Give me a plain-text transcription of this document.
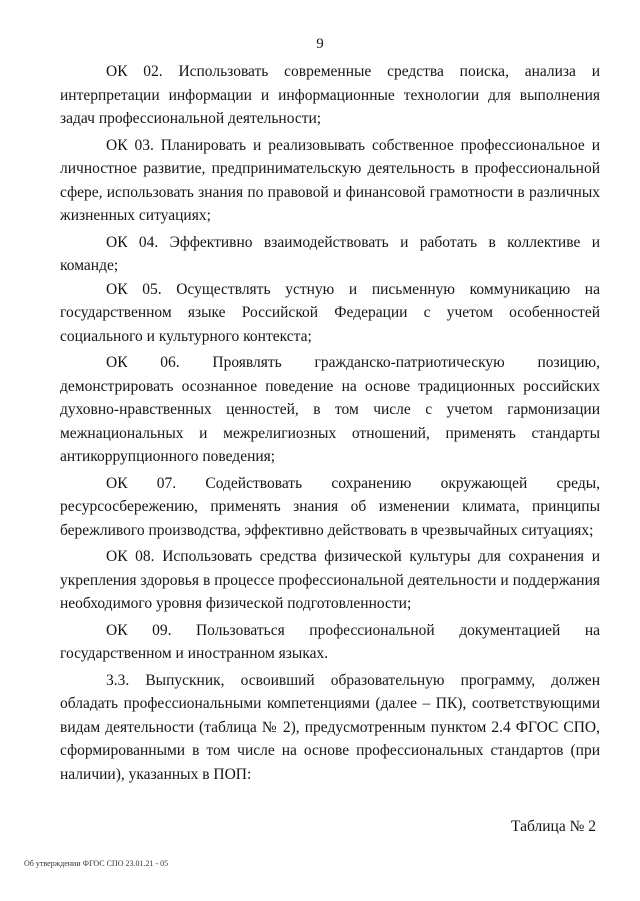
9

ОК 02. Использовать современные средства поиска, анализа и интерпретации информации и информационные технологии для выполнения задач профессиональной деятельности;

ОК 03. Планировать и реализовывать собственное профессиональное и личностное развитие, предпринимательскую деятельность в профессиональной сфере, использовать знания по правовой и финансовой грамотности в различных жизненных ситуациях;

ОК 04. Эффективно взаимодействовать и работать в коллективе и команде;

ОК 05. Осуществлять устную и письменную коммуникацию на государственном языке Российской Федерации с учетом особенностей социального и культурного контекста;

ОК 06. Проявлять гражданско-патриотическую позицию, демонстрировать осознанное поведение на основе традиционных российских духовно-нравственных ценностей, в том числе с учетом гармонизации межнациональных и межрелигиозных отношений, применять стандарты антикоррупционного поведения;

ОК 07. Содействовать сохранению окружающей среды, ресурсосбережению, применять знания об изменении климата, принципы бережливого производства, эффективно действовать в чрезвычайных ситуациях;

ОК 08. Использовать средства физической культуры для сохранения и укрепления здоровья в процессе профессиональной деятельности и поддержания необходимого уровня физической подготовленности;

ОК 09. Пользоваться профессиональной документацией на государственном и иностранном языках.

3.3. Выпускник, освоивший образовательную программу, должен обладать профессиональными компетенциями (далее – ПК), соответствующими видам деятельности (таблица № 2), предусмотренным пунктом 2.4 ФГОС СПО, сформированными в том числе на основе профессиональных стандартов (при наличии), указанных в ПОП:

Таблица № 2
Об утверждении ФГОС СПО 23.01.21 - 05
